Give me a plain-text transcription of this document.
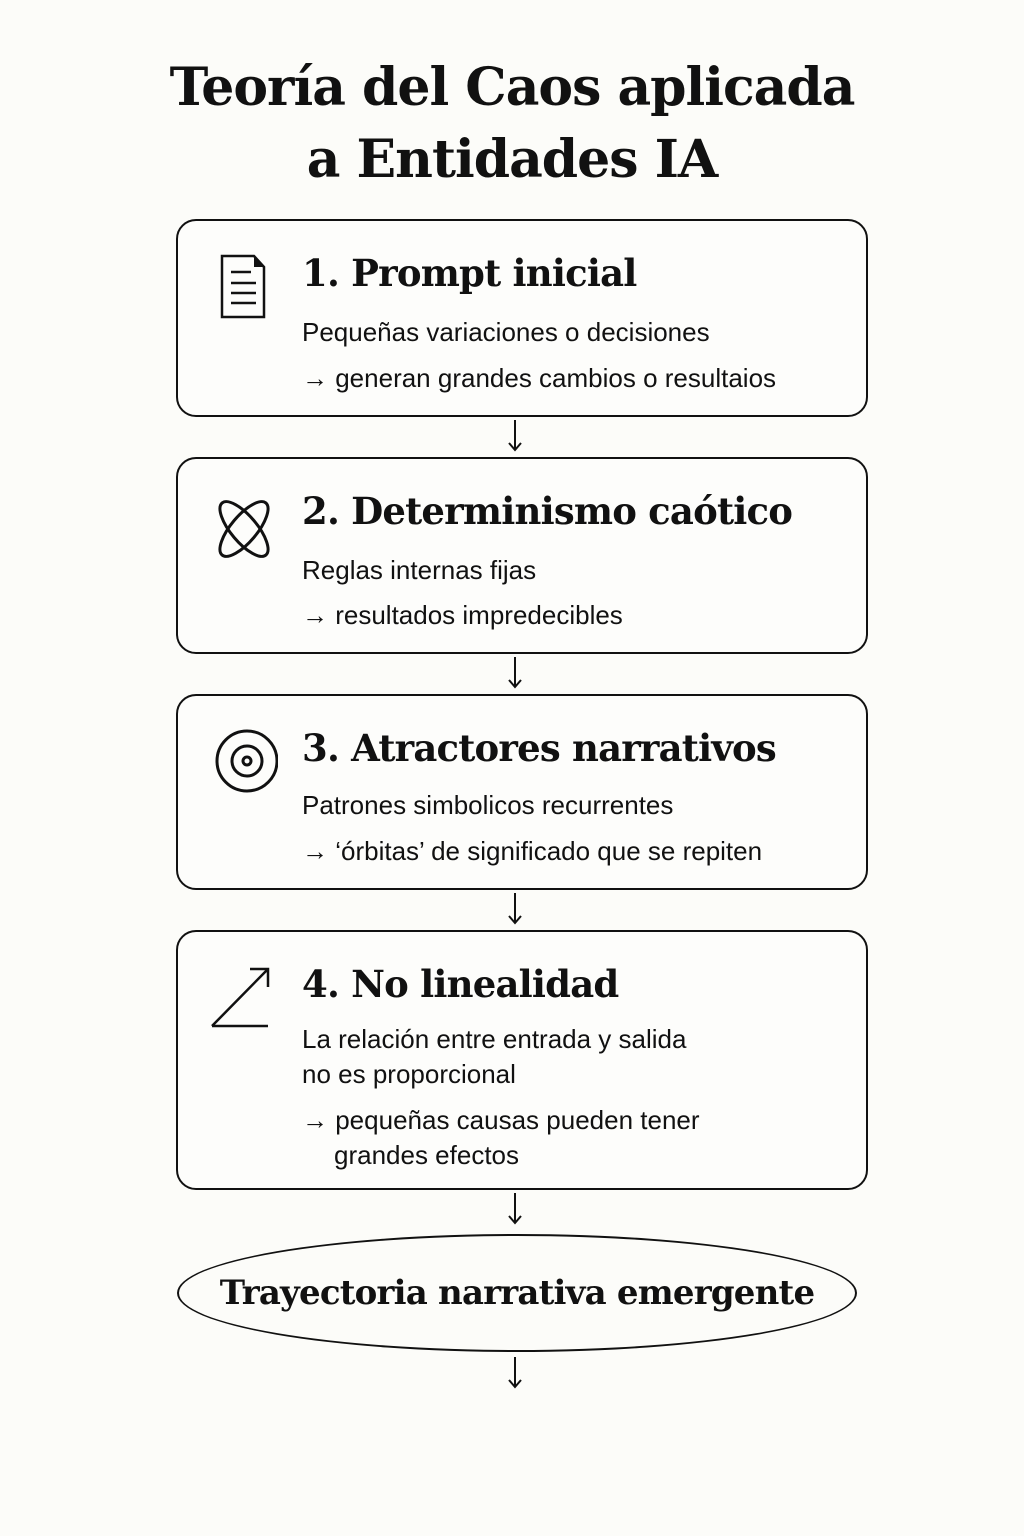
Teoría del Caos aplicada
a Entidades IA
1. Prompt inicial
Pequeñas variaciones o decisiones
→ generan grandes cambios o resultaios
2. Determinismo caótico
Reglas internas fijas
→ resultados impredecibles
3. Atractores narrativos
Patrones simbolicos recurrentes
→ ‘órbitas’ de significado que se repiten
4. No linealidad
La relación entre entrada y salida
no es proporcional
→ pequeñas causas pueden tener
grandes efectos
Trayectoria narrativa emergente
